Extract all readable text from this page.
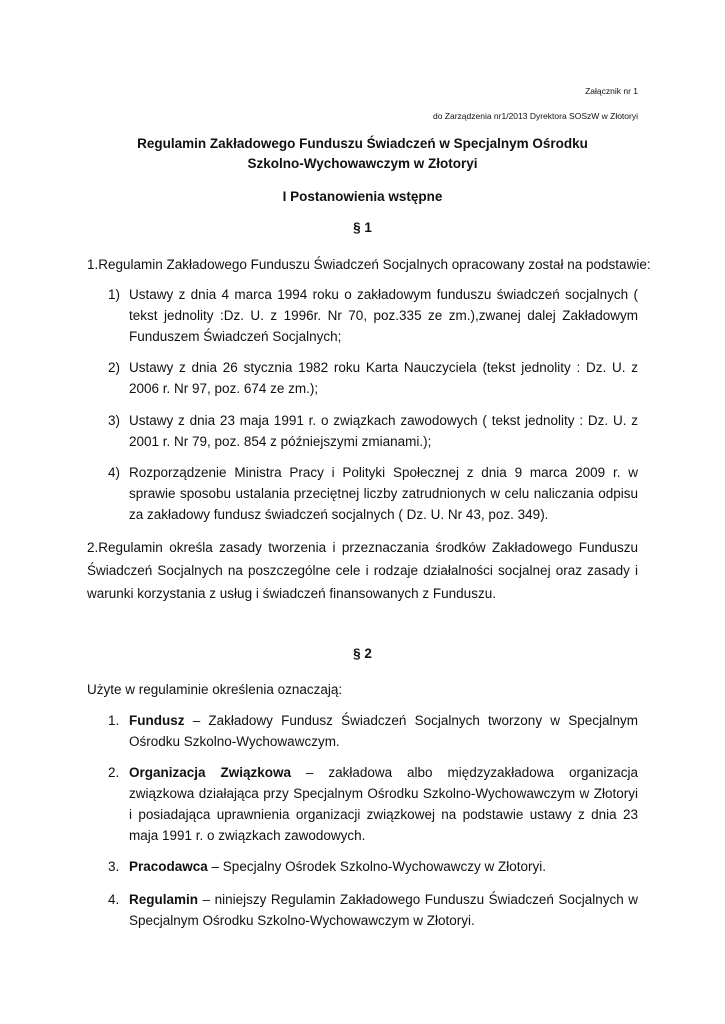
Załącznik nr 1
do Zarządzenia nr1/2013 Dyrektora SOSzW w Złotoryi
Regulamin Zakładowego Funduszu Świadczeń w Specjalnym Ośrodku Szkolno-Wychowawczym w Złotoryi
I Postanowienia wstępne
§ 1
1.Regulamin Zakładowego Funduszu Świadczeń Socjalnych opracowany został na podstawie:
1) Ustawy z dnia 4 marca 1994 roku o zakładowym funduszu świadczeń socjalnych ( tekst jednolity :Dz. U. z 1996r. Nr 70, poz.335 ze zm.),zwanej dalej Zakładowym Funduszem Świadczeń Socjalnych;
2) Ustawy z dnia 26 stycznia 1982 roku Karta Nauczyciela (tekst jednolity : Dz. U. z 2006 r. Nr 97, poz. 674 ze zm.);
3) Ustawy z dnia 23 maja 1991 r. o związkach zawodowych ( tekst jednolity : Dz. U. z 2001 r. Nr 79, poz. 854 z późniejszymi zmianami.);
4) Rozporządzenie Ministra Pracy i Polityki Społecznej z dnia 9 marca 2009 r. w sprawie sposobu ustalania przeciętnej liczby zatrudnionych w celu naliczania odpisu za zakładowy fundusz świadczeń socjalnych ( Dz. U. Nr 43, poz. 349).
2.Regulamin określa zasady tworzenia i przeznaczania środków Zakładowego Funduszu Świadczeń Socjalnych na poszczególne cele i rodzaje działalności socjalnej oraz zasady i warunki korzystania z usług i świadczeń finansowanych z Funduszu.
§ 2
Użyte w regulaminie określenia oznaczają:
1. Fundusz – Zakładowy Fundusz Świadczeń Socjalnych tworzony w Specjalnym Ośrodku Szkolno-Wychowawczym.
2. Organizacja Związkowa – zakładowa albo międzyzakładowa organizacja związkowa działająca przy Specjalnym Ośrodku Szkolno-Wychowawczym w Złotoryi i posiadająca uprawnienia organizacji związkowej na podstawie ustawy z dnia 23 maja 1991 r. o związkach zawodowych.
3. Pracodawca – Specjalny Ośrodek Szkolno-Wychowawczy w Złotoryi.
4. Regulamin – niniejszy Regulamin Zakładowego Funduszu Świadczeń Socjalnych w Specjalnym Ośrodku Szkolno-Wychowawczym w Złotoryi.
